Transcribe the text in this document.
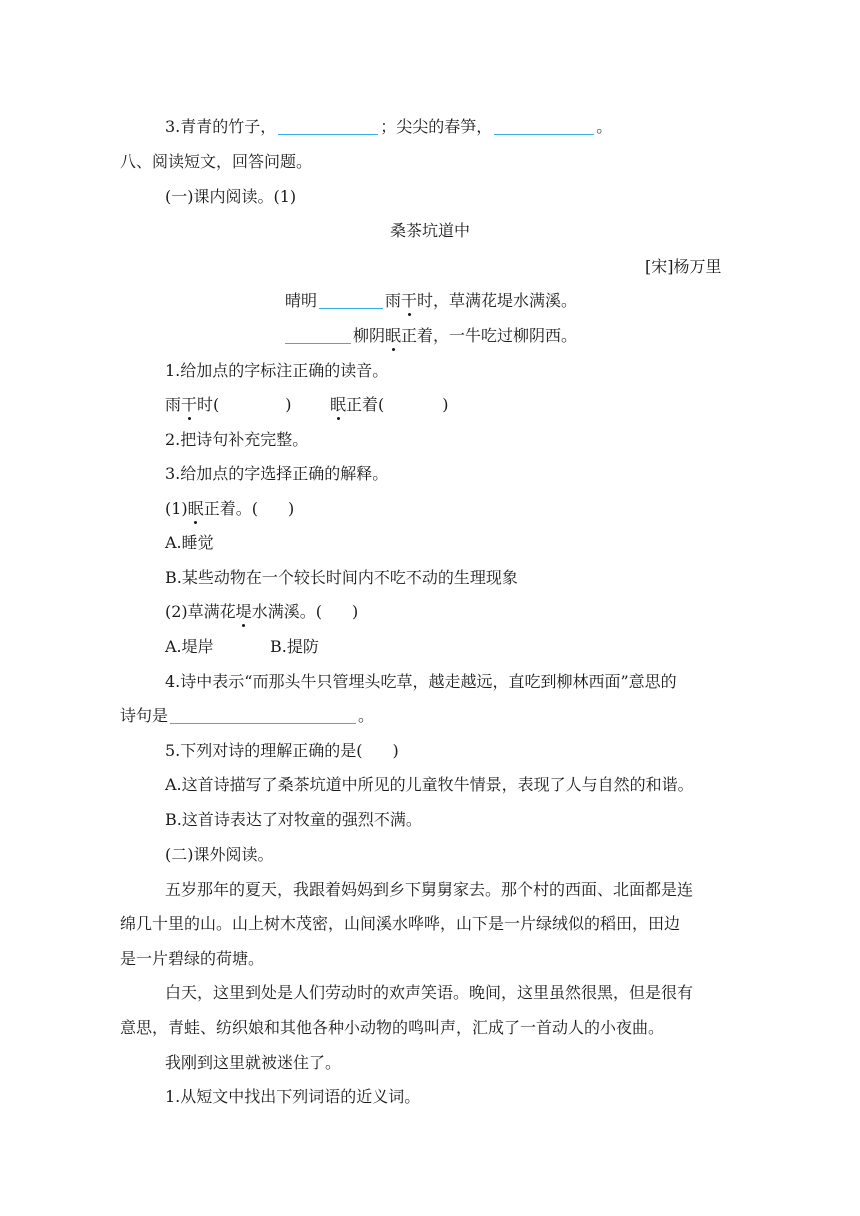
3.青青的竹子，	；尖尖的春笋，	。
八、阅读短文，回答问题。
(一)课内阅读。(1)
桑茶坑道中
[宋]杨万里
晴明	雨干时，草满花堤水满溪。
柳阴眠正着，一牛吃过柳阴西。
1.给加点的字标注正确的读音。
雨干时(	) 眠正着(	)
2.把诗句补充完整。
3.给加点的字选择正确的解释。
(1)眠正着。( )
A.睡觉
B.某些动物在一个较长时间内不吃不动的生理现象
(2)草满花堤水满溪。( )
A.堤岸	B.提防
4.诗中表示“而那头牛只管埋头吃草，越走越远，直吃到柳林西面”意思的
诗句是	。
5.下列对诗的理解正确的是( )
A.这首诗描写了桑茶坑道中所见的儿童牧牛情景，表现了人与自然的和谐。
B.这首诗表达了对牧童的强烈不满。
(二)课外阅读。
五岁那年的夏天，我跟着妈妈到乡下舅舅家去。那个村的西面、北面都是连
绵几十里的山。山上树木茂密，山间溪水哗哗，山下是一片绿绒似的稻田，田边
是一片碧绿的荷塘。
白天，这里到处是人们劳动时的欢声笑语。晚间，这里虽然很黑，但是很有
意思，青蛙、纺织娘和其他各种小动物的鸣叫声，汇成了一首动人的小夜曲。
我刚到这里就被迷住了。
1.从短文中找出下列词语的近义词。
